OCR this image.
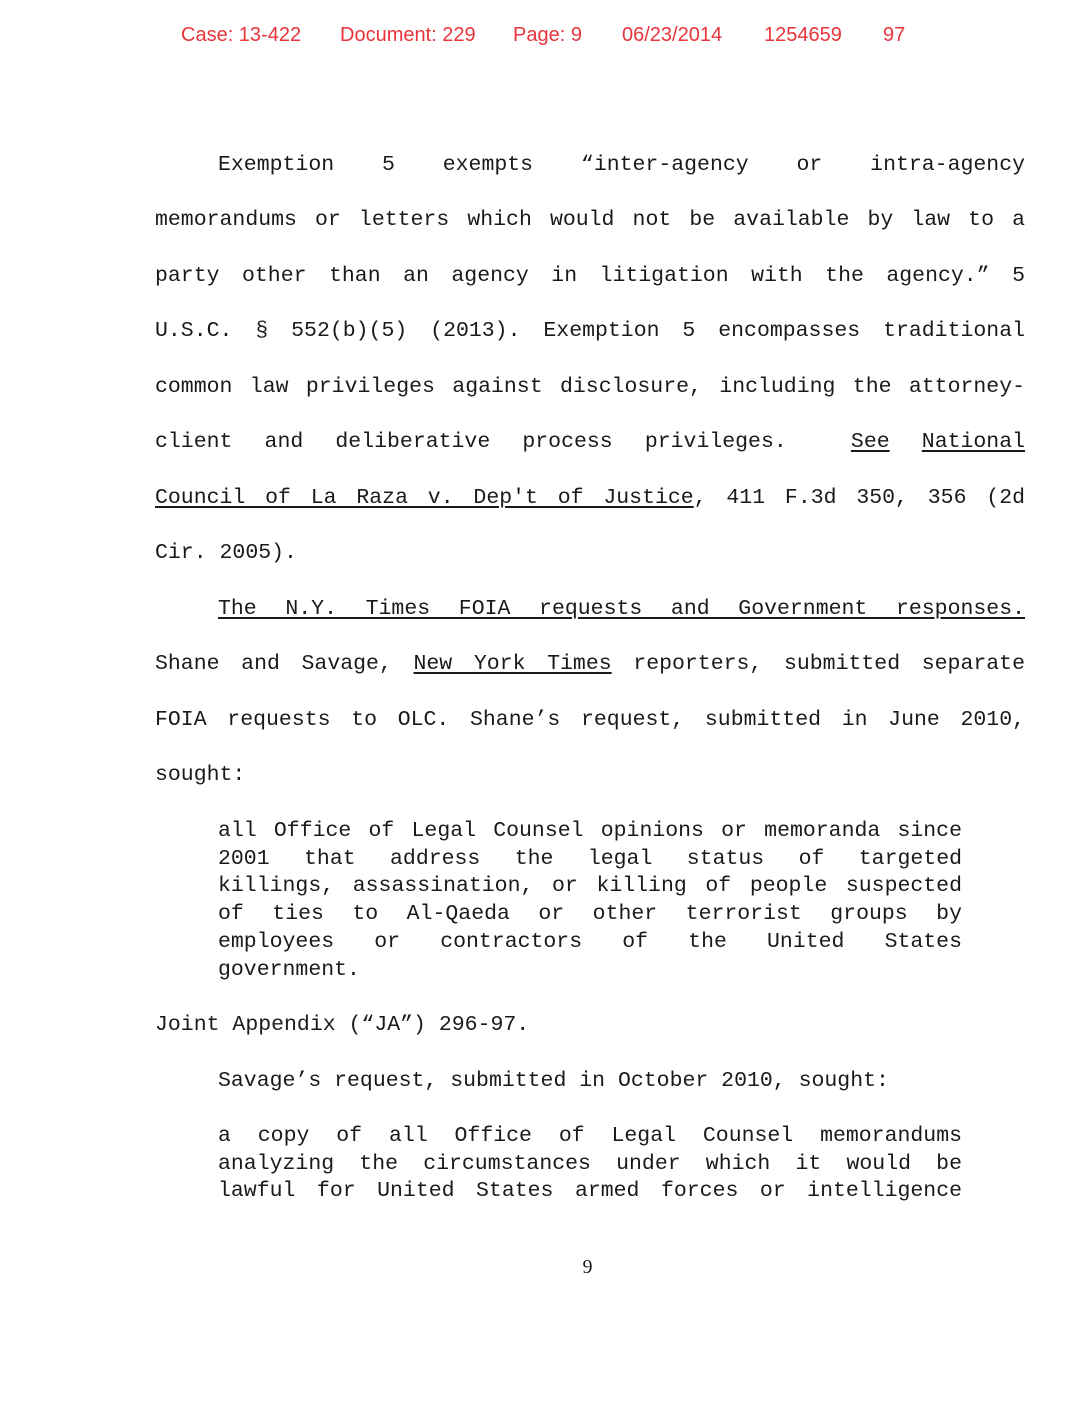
Case: 13-422 Document: 229 Page: 9 06/23/2014 1254659 97
Exemption 5 exempts “inter-agency or intra-agency
memorandums or letters which would not be available by law to a
party other than an agency in litigation with the agency.” 5
U.S.C. § 552(b)(5) (2013). Exemption 5 encompasses traditional
common law privileges against disclosure, including the attorney-
client and deliberative process privileges.	See National
Council of La Raza v. Dep't of Justice, 411 F.3d 350, 356 (2d
Cir. 2005).
The N.Y. Times FOIA requests and Government responses.
Shane and Savage, New York Times reporters, submitted separate
FOIA requests to OLC. Shane’s request, submitted in June 2010,
sought:
all Office of Legal Counsel opinions or memoranda since
2001 that address the legal status of targeted
killings, assassination, or killing of people suspected
of ties to Al-Qaeda or other terrorist groups by
employees or contractors of the United States
government.
Joint Appendix (“JA”) 296-97.
Savage’s request, submitted in October 2010, sought:
a copy of all Office of Legal Counsel memorandums
analyzing the circumstances under which it would be
lawful for United States armed forces or intelligence
9
